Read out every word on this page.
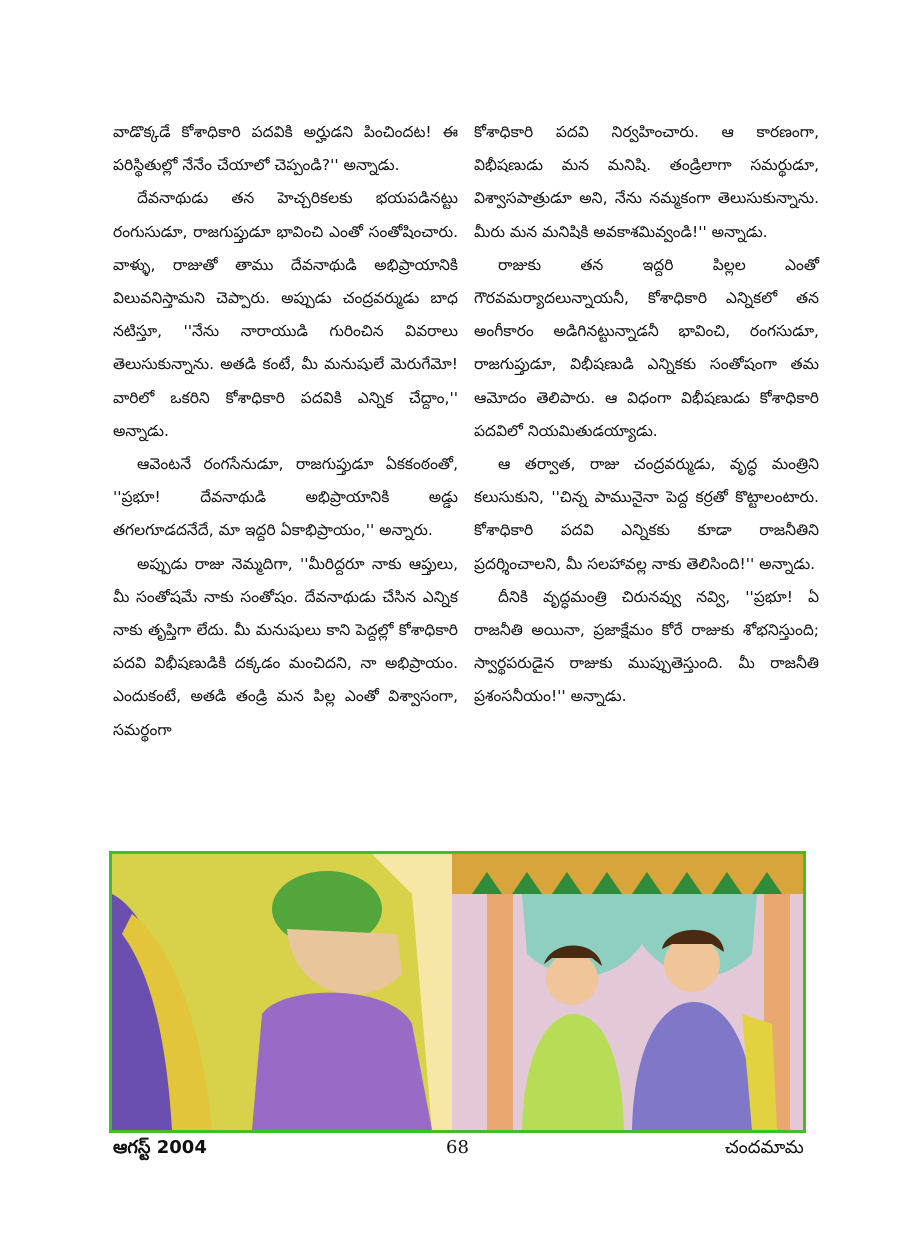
వాడొక్కడే కోశాధికారి పదవికి అర్హుడని పించిందట! ఈ పరిస్థితుల్లో నేనేం చేయాలో చెప్పండి?'' అన్నాడు.

దేవనాథుడు తన హెచ్చరికలకు భయపడినట్టు రంగుసుడూ, రాజగుప్తుడూ భావించి ఎంతో సంతోషించారు. వాళ్ళు, రాజుతో తాము దేవనాథుడి అభిప్రాయానికి విలువనిస్తామని చెప్పారు. అప్పుడు చంద్రవర్ముడు బాధ నటిస్తూ, ''నేను నారాయుడి గురించిన వివరాలు తెలుసుకున్నాను. అతడి కంటే, మీ మనుషులే మెరుగేమో! వారిలో ఒకరిని కోశాధికారి పదవికి ఎన్నిక చేద్దాం,'' అన్నాడు.

ఆవెంటనే రంగసేనుడూ, రాజగుప్తుడూ ఏకకంఠంతో, ''ప్రభూ! దేవనాథుడి అభిప్రాయానికి అడ్డు తగలగూడదనేదే, మా ఇద్దరి ఏకాభిప్రాయం,'' అన్నారు.

అప్పుడు రాజు నెమ్మదిగా, ''మీరిద్దరూ నాకు ఆప్తులు, మీ సంతోషమే నాకు సంతోషం. దేవనాథుడు చేసిన ఎన్నిక నాకు తృప్తిగా లేదు. మీ మనుషులు కాని పెద్దల్లో కోశాధికారి పదవి విభీషణుడికి దక్కడం మంచిదని, నా అభిప్రాయం. ఎందుకంటే, అతడి తండ్రి మన పిల్ల ఎంతో విశ్వాసంగా, సమర్థంగా

కోశాధికారి పదవి నిర్వహించారు. ఆ కారణంగా, విభీషణుడు మన మనిషి. తండ్రిలాగా సమర్థుడూ, విశ్వాసపాత్రుడూ అని, నేను నమ్మకంగా తెలుసుకున్నాను. మీరు మన మనిషికి అవకాశమివ్వండి!'' అన్నాడు.

రాజుకు తన ఇద్దరి పిల్లల ఎంతో గౌరవమర్యాదలున్నాయనీ, కోశాధికారి ఎన్నికలో తన అంగీకారం అడిగినట్టున్నాడనీ భావించి, రంగసుడూ, రాజగుప్తుడూ, విభీషణుడి ఎన్నికకు సంతోషంగా తమ ఆమోదం తెలిపారు. ఆ విధంగా విభీషణుడు కోశాధికారి పదవిలో నియమితుడయ్యాడు.

ఆ తర్వాత, రాజు చంద్రవర్ముడు, వృద్ధ మంత్రిని కలుసుకుని, ''చిన్న పామునైనా పెద్ద కర్రతో కొట్టాలంటారు. కోశాధికారి పదవి ఎన్నికకు కూడా రాజనీతిని ప్రదర్శించాలని, మీ సలహావల్ల నాకు తెలిసింది!'' అన్నాడు.

దీనికి వృద్ధమంత్రి చిరునవ్వు నవ్వి, ''ప్రభూ! ఏ రాజనీతి అయినా, ప్రజాక్షేమం కోరే రాజుకు శోభనిస్తుంది; స్వార్థపరుడైన రాజుకు ముప్పుతెస్తుంది. మీ రాజనీతి ప్రశంసనీయం!'' అన్నాడు.

ఆగస్ట్ 2004	68	చందమామ
